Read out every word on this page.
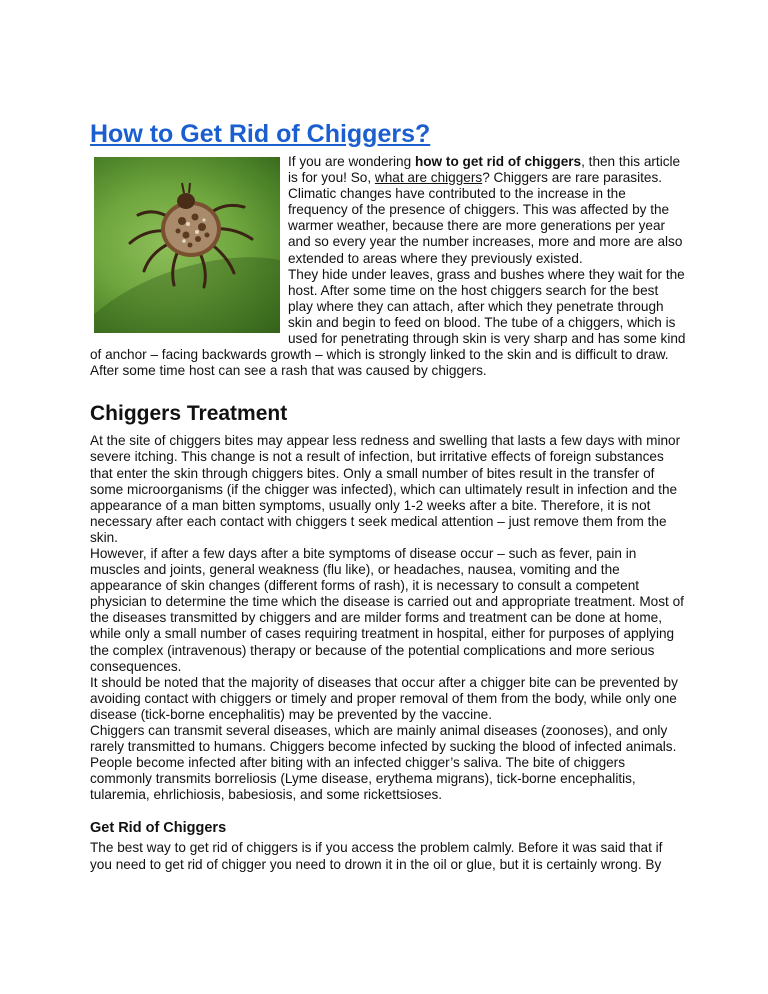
How to Get Rid of Chiggers?

If you are wondering how to get rid of chiggers, then this article is for you! So, what are chiggers? Chiggers are rare parasites. Climatic changes have contributed to the increase in the frequency of the presence of chiggers. This was affected by the warmer weather, because there are more generations per year and so every year the number increases, more and more are also extended to areas where they previously existed.

They hide under leaves, grass and bushes where they wait for the host. After some time on the host chiggers search for the best play where they can attach, after which they penetrate through skin and begin to feed on blood. The tube of a chiggers, which is used for penetrating through skin is very sharp and has some kind of anchor – facing backwards growth – which is strongly linked to the skin and is difficult to draw. After some time host can see a rash that was caused by chiggers.

Chiggers Treatment

At the site of chiggers bites may appear less redness and swelling that lasts a few days with minor severe itching. This change is not a result of infection, but irritative effects of foreign substances that enter the skin through chiggers bites. Only a small number of bites result in the transfer of some microorganisms (if the chigger was infected), which can ultimately result in infection and the appearance of a man bitten symptoms, usually only 1-2 weeks after a bite. Therefore, it is not necessary after each contact with chiggers t seek medical attention – just remove them from the skin.

However, if after a few days after a bite symptoms of disease occur – such as fever, pain in muscles and joints, general weakness (flu like), or headaches, nausea, vomiting and the appearance of skin changes (different forms of rash), it is necessary to consult a competent physician to determine the time which the disease is carried out and appropriate treatment. Most of the diseases transmitted by chiggers and are milder forms and treatment can be done at home, while only a small number of cases requiring treatment in hospital, either for purposes of applying the complex (intravenous) therapy or because of the potential complications and more serious consequences.

It should be noted that the majority of diseases that occur after a chigger bite can be prevented by avoiding contact with chiggers or timely and proper removal of them from the body, while only one disease (tick-borne encephalitis) may be prevented by the vaccine.

Chiggers can transmit several diseases, which are mainly animal diseases (zoonoses), and only rarely transmitted to humans. Chiggers become infected by sucking the blood of infected animals. People become infected after biting with an infected chigger’s saliva. The bite of chiggers commonly transmits borreliosis (Lyme disease, erythema migrans), tick-borne encephalitis, tularemia, ehrlichiosis, babesiosis, and some rickettsioses.

Get Rid of Chiggers

The best way to get rid of chiggers is if you access the problem calmly. Before it was said that if you need to get rid of chigger you need to drown it in the oil or glue, but it is certainly wrong. By
